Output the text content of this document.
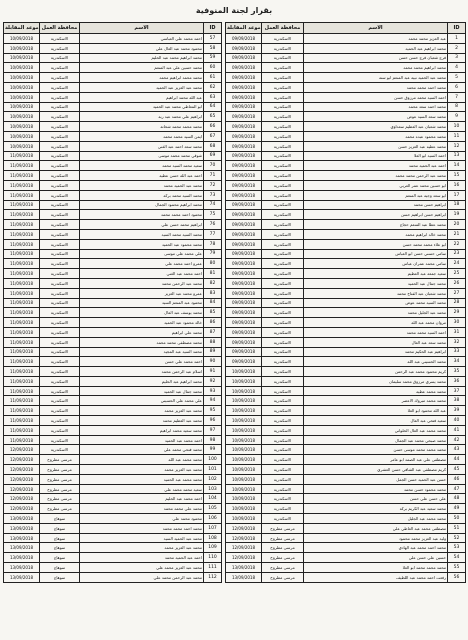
بقرار لجنة المنوفية
موعد المقابلة	محافظة العمل	الاسم	ID
10/09/2018	الاسكندرية	احمد محمد علي العباسي	57
10/09/2018	الاسكندرية	محمود محمد عبد العال علي	58
10/09/2018	الاسكندرية	محمد ابراهيم محمد عبد الحليم	59
10/09/2018	الاسكندرية	محمد حسين علي عبد المنعم	60
10/09/2018	الاسكندرية	محمد محمد ابراهيم محمد	61
10/09/2018	الاسكندرية	محمد عبد العزيز عبد الحميد	62
10/09/2018	الاسكندرية	عبد الله محمد ابراهيم	63
10/09/2018	الاسكندرية	ابو المعاطي محمد عبد الحميد	64
10/09/2018	الاسكندرية	ابراهيم علي محمد عبد ربه	65
10/09/2018	الاسكندرية	محمد محمد محمد شحاته	66
10/09/2018	الاسكندرية	ايمن السيد محمد محمد	67
10/09/2018	الاسكندرية	محمد سعد احمد عبد الغني	68
11/09/2018	الاسكندرية	شوقي محمد محمد موسى	69
11/09/2018	الاسكندرية	سعيد محمد السيد محمد	70
11/09/2018	الاسكندرية	احمد عبد الله حسن عطيه	71
11/09/2018	الاسكندرية	محمد عبد الحميد محمد	72
11/09/2018	الاسكندرية	محمد السيد محمد بركه	73
11/09/2018	الاسكندرية	محمد ابراهيم محمود الجمال	74
11/09/2018	الاسكندرية	محمود احمد محمد محمد	75
11/09/2018	الاسكندرية	ابراهيم محمد حسن علي	76
11/09/2018	الاسكندرية	محمد السيد محمد السيد	77
11/09/2018	الاسكندرية	محمد محمود عبد الحميد	78
11/09/2018	الاسكندرية	علي محمد علي موسى	79
11/09/2018	الاسكندرية	عمرو احمد محمد علي	80
11/09/2018	الاسكندرية	احمد محمد عبد الغني	81
11/09/2018	الاسكندرية	محمد عبد الرحمن محمد	82
11/09/2018	الاسكندرية	عمرو محمد عبد العزيز	83
11/09/2018	الاسكندرية	محمود عبد المنعم السيد	84
11/09/2018	الاسكندرية	محمد يوسف عبد العال	85
11/09/2018	الاسكندرية	خالد محمود عبد الحميد	86
11/09/2018	الاسكندرية	محمد علي ابراهيم	87
11/09/2018	الاسكندرية	محمد مصطفى محمد محمد	88
11/09/2018	الاسكندرية	محمد السيد عبد المجيد	89
11/09/2018	الاسكندرية	احمد محمد علي حسن	90
11/09/2018	الاسكندرية	اسلام عبد الرحمن محمد	91
11/09/2018	الاسكندرية	محمد ابراهيم عبد الحليم	92
11/09/2018	الاسكندرية	محمد جمال عبد الحميد	93
11/09/2018	الاسكندرية	علي محمد علي الحسيني	94
11/09/2018	الاسكندرية	محمد عبد العزيز محمد	95
11/09/2018	الاسكندرية	محمد عبد العظيم محمد	96
11/09/2018	الاسكندرية	محمد سعيد محمد ابراهيم	97
11/09/2018	الاسكندرية	احمد محمد عبد الحميد	98
12/09/2018	الاسكندرية	محمد فتحي محمد علي	99
12/09/2018	مرسى مطروح	محمد محمد عبد الله	100
12/09/2018	مرسى مطروح	محمد عبد العزيز محمد	101
12/09/2018	مرسى مطروح	محمد محمد عبد الحميد	102
12/09/2018	مرسى مطروح	سعيد محمد محمد علي	103
12/09/2018	مرسى مطروح	احمد محمد عبد الحليم	104
12/09/2018	مرسى مطروح	محمد علي محمد محمد	105
13/09/2018	سوهاج	محمود محمد علي	106
13/09/2018	سوهاج	محمد احمد محمد محمد	107
13/09/2018	سوهاج	محمد عبد الحميد السيد	108
13/09/2018	سوهاج	محمد عبد العزيز محمد	109
13/09/2018	سوهاج	احمد عبد الحميد محمد	110
13/09/2018	سوهاج	محمد عبد العزيز محمد علي	111
13/09/2018	سوهاج	محمد عبد الرحمن محمد علي	112
موعد المقابلة	محافظة العمل	الاسم	ID
09/09/2018	الاسكندرية	عبد العزيز محمد محمد	1
09/09/2018	الاسكندرية	محمد ابراهيم عبد الحميد	2
09/09/2018	الاسكندرية	فرج شعبان فرج حسن حسن	3
09/09/2018	الاسكندرية	محمد ابراهيم محمد محمد	4
09/09/2018	الاسكندرية	محمد عبد الحميد نبيه عبد المنعم ابو سنه	5
09/09/2018	الاسكندرية	محمد احمد محمد محمد	6
09/09/2018	الاسكندرية	احمد السيد محمد مرزوق حسن	7
09/09/2018	الاسكندرية	محمد احمد سعد محمد	8
09/09/2018	الاسكندرية	محمد سعد السيد عوض	9
09/09/2018	الاسكندرية	محمد شعبان عبد العظيم سعداوي	10
09/09/2018	الاسكندرية	محمد محمود عبده محمد	11
09/09/2018	الاسكندرية	محمد عطيه عبد العزيز حسن	12
09/09/2018	الاسكندرية	احمد السيد ابو العلا	13
09/09/2018	الاسكندرية	احمد عبد الحميد محمد	14
09/09/2018	الاسكندرية	محمد عبد الرحمن محمد محمد	15
09/09/2018	الاسكندرية	ابو حسين محمد عمر العربي	16
09/09/2018	الاسكندرية	ابو سعد وجيه عبد المنعم	17
09/09/2018	الاسكندرية	ابراهيم حسن محمد	18
09/09/2018	الاسكندرية	ابراهيم حسن ابراهيم حسن	19
09/09/2018	الاسكندرية	محمد عطا عبد المنعم حجاج	20
09/09/2018	الاسكندرية	محمد خالد ابراهيم محمد	21
09/09/2018	الاسكندرية	ابو علاء محمد محمد حسن	22
09/09/2018	الاسكندرية	سامي حسني حسن ابو العباس	23
09/09/2018	الاسكندرية	سامي محمد عمران عباس	24
09/09/2018	الاسكندرية	سعيد جمعه عبد العظيم	25
09/09/2018	الاسكندرية	محمد جمال عبد الحميد	26
09/09/2018	الاسكندرية	محمد شعبان عبد الفتاح محمد	27
09/09/2018	الاسكندرية	محمد السيد محمد عوض	28
09/09/2018	الاسكندرية	محمد عبد الجليل محمد	29
09/09/2018	الاسكندرية	مروان محمد عبد الله	30
09/09/2018	الاسكندرية	احمد السيد محمد محمد	31
09/09/2018	الاسكندرية	محمد سعد عبد العال	32
09/09/2018	الاسكندرية	ابراهيم عبد الحكيم محمد	33
09/09/2018	الاسكندرية	محمد الحسيني عبد الله	34
10/09/2018	الاسكندرية	كريم محمود محمد عبد الرحمن	35
10/09/2018	الاسكندرية	محمد يسري مرزوق محمد سليمان	36
10/09/2018	الاسكندرية	محمد محمد عطيه	37
10/09/2018	الاسكندرية	محمد محمد مبروك الاعصر	38
10/09/2018	الاسكندرية	عبد الله محمود ابو العلا	39
10/09/2018	الاسكندرية	سعيد فتحي عبد العال	40
10/09/2018	الاسكندرية	محمد محمد عبد العال الحلواني	41
10/09/2018	الاسكندرية	محمد صبحي محمد عبد الجمال	42
10/09/2018	الاسكندرية	محمد محمد محمد موسى حسن	43
10/09/2018	الاسكندرية	مصطفى علي عبد الصمد ابو عامر	44
10/09/2018	الاسكندرية	كريم مصطفى عبد الشافي حسن العشري	45
10/09/2018	الاسكندرية	حسن عبد الحميد حسن الجمل	46
10/09/2018	الاسكندرية	محمد محمود حسن محمد	47
10/09/2018	الاسكندرية	علي حسن علي حسن	48
10/09/2018	الاسكندرية	محمد سعيد عبد الكريم بركة	49
10/09/2018	الاسكندرية	محمد محمد عبد الجليل	50
12/09/2018	مرسى مطروح	مصطفى محمد عبد العاطي علي	51
12/09/2018	مرسى مطروح	وليد عبد العزيز محمد محمود	52
12/09/2018	مرسى مطروح	محمد احمد محمد عبد الهادي	53
12/09/2018	مرسى مطروح	حسين علي حسن علي	54
13/09/2018	مرسى مطروح	محمد محمد محمد ابو العلا	55
13/09/2018	مرسى مطروح	رفعت احمد محمد عبد اللطيف	56
